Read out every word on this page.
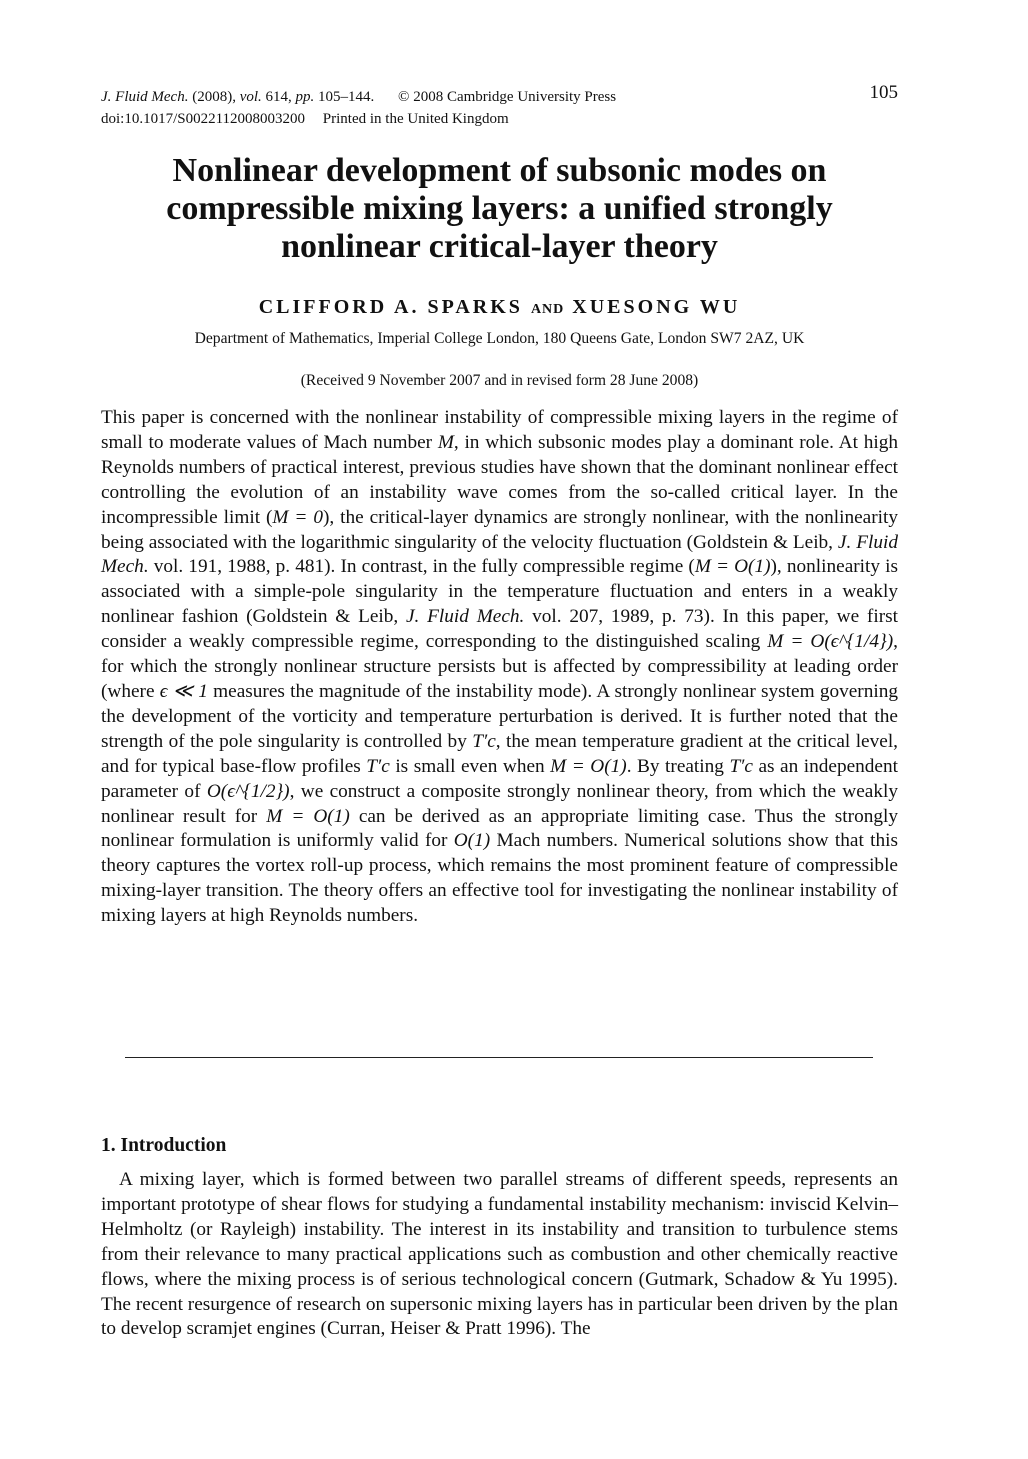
J. Fluid Mech. (2008), vol. 614, pp. 105–144. © 2008 Cambridge University Press
doi:10.1017/S0022112008003200 Printed in the United Kingdom
105
Nonlinear development of subsonic modes on
compressible mixing layers: a unified strongly
nonlinear critical-layer theory
CLIFFORD A. SPARKS AND XUESONG WU
Department of Mathematics, Imperial College London, 180 Queens Gate, London SW7 2AZ, UK
(Received 9 November 2007 and in revised form 28 June 2008)
This paper is concerned with the nonlinear instability of compressible mixing layers in the regime of small to moderate values of Mach number M, in which subsonic modes play a dominant role. At high Reynolds numbers of practical interest, previous studies have shown that the dominant nonlinear effect controlling the evolution of an instability wave comes from the so-called critical layer. In the incompressible limit (M = 0), the critical-layer dynamics are strongly nonlinear, with the nonlinearity being associated with the logarithmic singularity of the velocity fluctuation (Goldstein & Leib, J. Fluid Mech. vol. 191, 1988, p. 481). In contrast, in the fully compressible regime (M = O(1)), nonlinearity is associated with a simple-pole singularity in the temperature fluctuation and enters in a weakly nonlinear fashion (Goldstein & Leib, J. Fluid Mech. vol. 207, 1989, p. 73). In this paper, we first consider a weakly compressible regime, corresponding to the distinguished scaling M = O(ϵ^{1/4}), for which the strongly nonlinear structure persists but is affected by compressibility at leading order (where ϵ ≪ 1 measures the magnitude of the instability mode). A strongly nonlinear system governing the development of the vorticity and temperature perturbation is derived. It is further noted that the strength of the pole singularity is controlled by T′c, the mean temperature gradient at the critical level, and for typical base-flow profiles T′c is small even when M = O(1). By treating T′c as an independent parameter of O(ϵ^{1/2}), we construct a composite strongly nonlinear theory, from which the weakly nonlinear result for M = O(1) can be derived as an appropriate limiting case. Thus the strongly nonlinear formulation is uniformly valid for O(1) Mach numbers. Numerical solutions show that this theory captures the vortex roll-up process, which remains the most prominent feature of compressible mixing-layer transition. The theory offers an effective tool for investigating the nonlinear instability of mixing layers at high Reynolds numbers.
1. Introduction
A mixing layer, which is formed between two parallel streams of different speeds, represents an important prototype of shear flows for studying a fundamental instability mechanism: inviscid Kelvin–Helmholtz (or Rayleigh) instability. The interest in its instability and transition to turbulence stems from their relevance to many practical applications such as combustion and other chemically reactive flows, where the mixing process is of serious technological concern (Gutmark, Schadow & Yu 1995). The recent resurgence of research on supersonic mixing layers has in particular been driven by the plan to develop scramjet engines (Curran, Heiser & Pratt 1996). The
